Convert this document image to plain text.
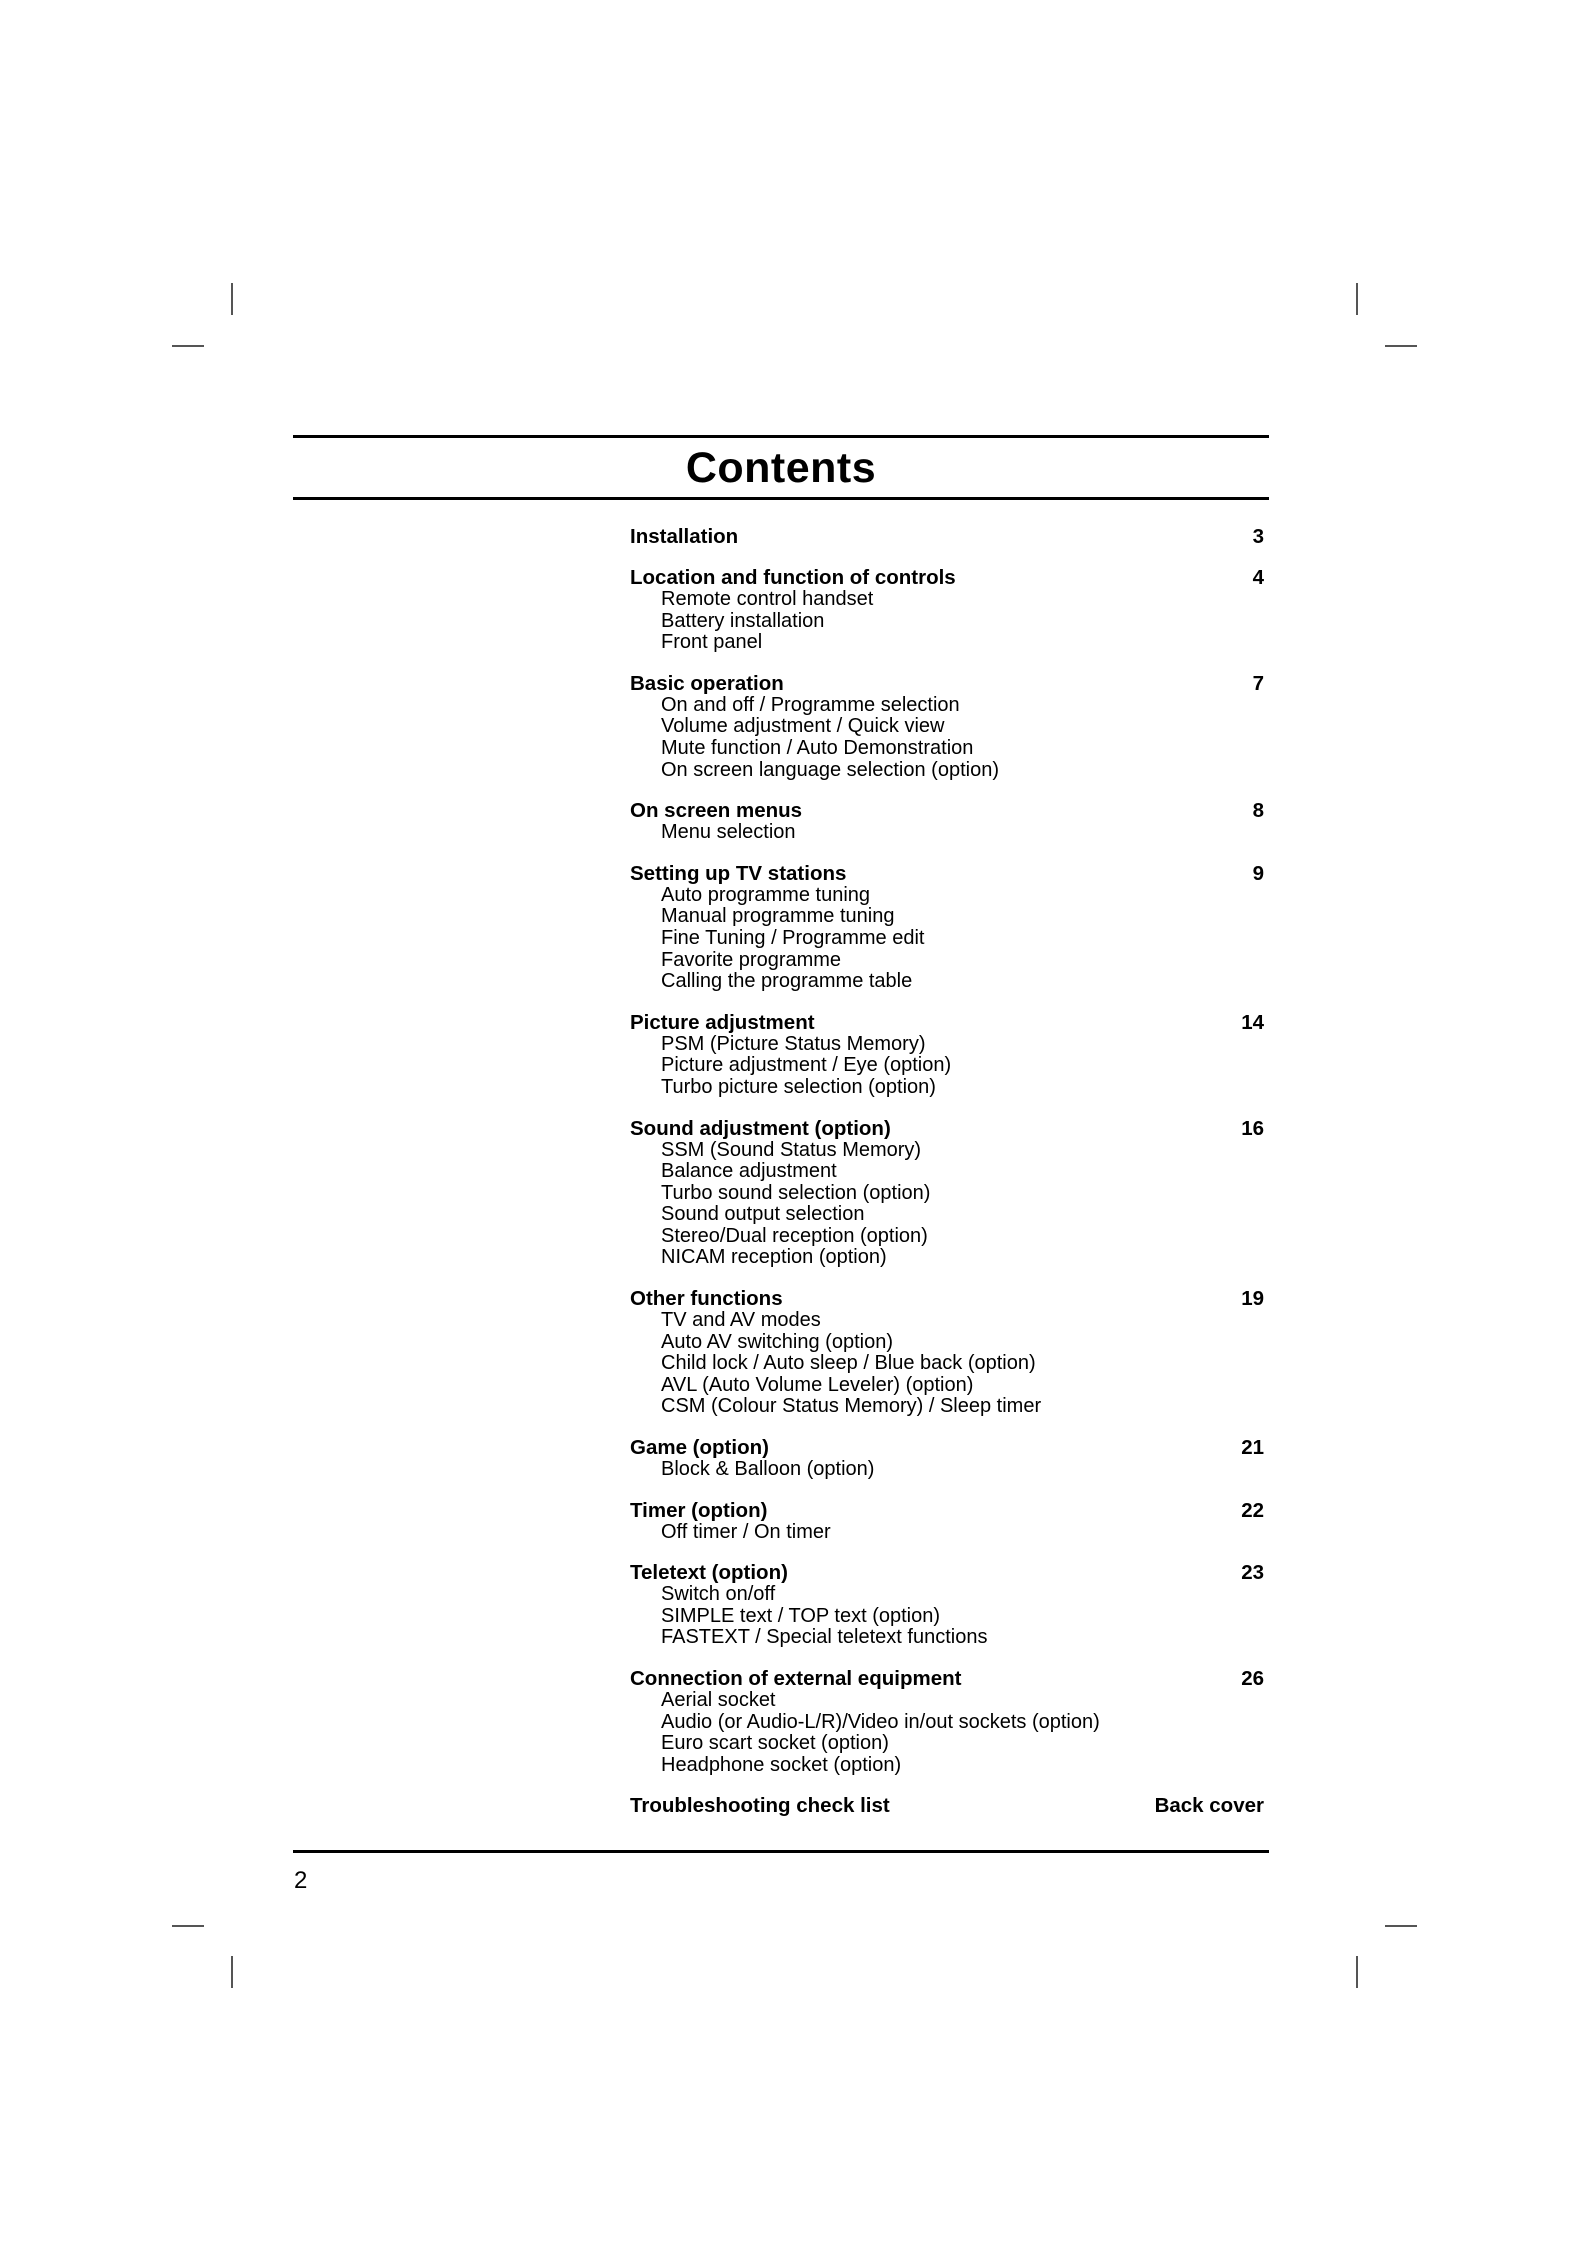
Contents
Installation	3
Location and function of controls	4
Remote control handset
Battery installation
Front panel
Basic operation	7
On and off / Programme selection
Volume adjustment / Quick view
Mute function / Auto Demonstration
On screen language selection (option)
On screen menus	8
Menu selection
Setting up TV stations	9
Auto programme tuning
Manual programme tuning
Fine Tuning / Programme edit
Favorite programme
Calling the programme table
Picture adjustment	14
PSM (Picture Status Memory)
Picture adjustment / Eye (option)
Turbo picture selection (option)
Sound adjustment (option)	16
SSM (Sound Status Memory)
Balance adjustment
Turbo sound selection (option)
Sound output selection
Stereo/Dual reception (option)
NICAM reception (option)
Other functions	19
TV and AV modes
Auto AV switching (option)
Child lock / Auto sleep / Blue back (option)
AVL (Auto Volume Leveler) (option)
CSM (Colour Status Memory) / Sleep timer
Game (option)	21
Block & Balloon (option)
Timer (option)	22
Off timer / On timer
Teletext (option)	23
Switch on/off
SIMPLE text / TOP text (option)
FASTEXT / Special teletext functions
Connection of external equipment	26
Aerial socket
Audio (or Audio-L/R)/Video in/out sockets (option)
Euro scart socket (option)
Headphone socket (option)
Troubleshooting check list	Back cover
2
